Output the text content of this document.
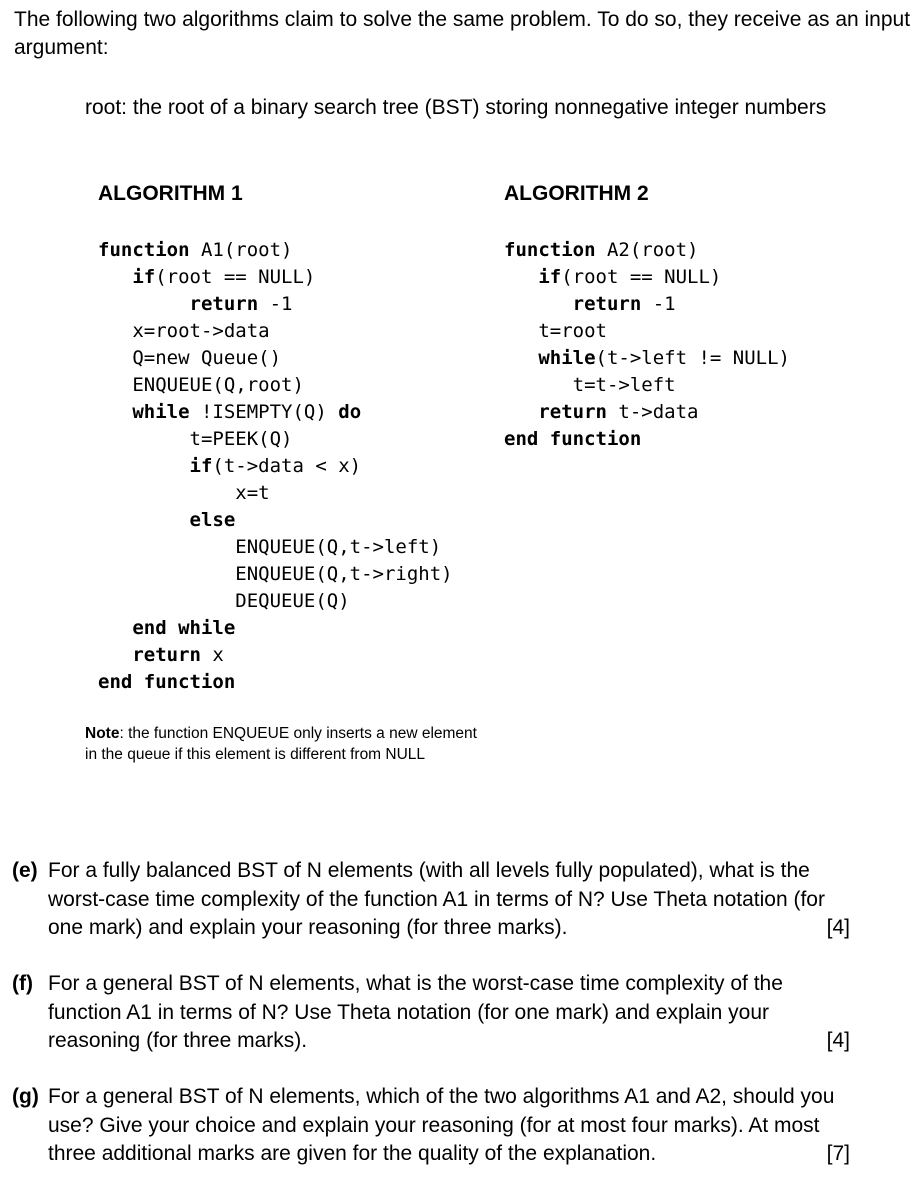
The following two algorithms claim to solve the same problem. To do so, they receive as an input argument:
root: the root of a binary search tree (BST) storing nonnegative integer numbers
ALGORITHM 1	ALGORITHM 2
function A1(root)
if(root == NULL)
return -1
x=root->data
Q=new Queue()
ENQUEUE(Q,root)
while !ISEMPTY(Q) do
t=PEEK(Q)
if(t->data < x)
x=t
else
ENQUEUE(Q,t->left)
ENQUEUE(Q,t->right)
DEQUEUE(Q)
end while
return x
end function
function A2(root)
if(root == NULL)
return -1
t=root
while(t->left != NULL)
t=t->left
return t->data
end function
Note: the function ENQUEUE only inserts a new element in the queue if this element is different from NULL
(e) For a fully balanced BST of N elements (with all levels fully populated), what is the worst-case time complexity of the function A1 in terms of N? Use Theta notation (for one mark) and explain your reasoning (for three marks).	[4]
(f) For a general BST of N elements, what is the worst-case time complexity of the function A1 in terms of N? Use Theta notation (for one mark) and explain your reasoning (for three marks).	[4]
(g) For a general BST of N elements, which of the two algorithms A1 and A2, should you use? Give your choice and explain your reasoning (for at most four marks). At most three additional marks are given for the quality of the explanation.	[7]
